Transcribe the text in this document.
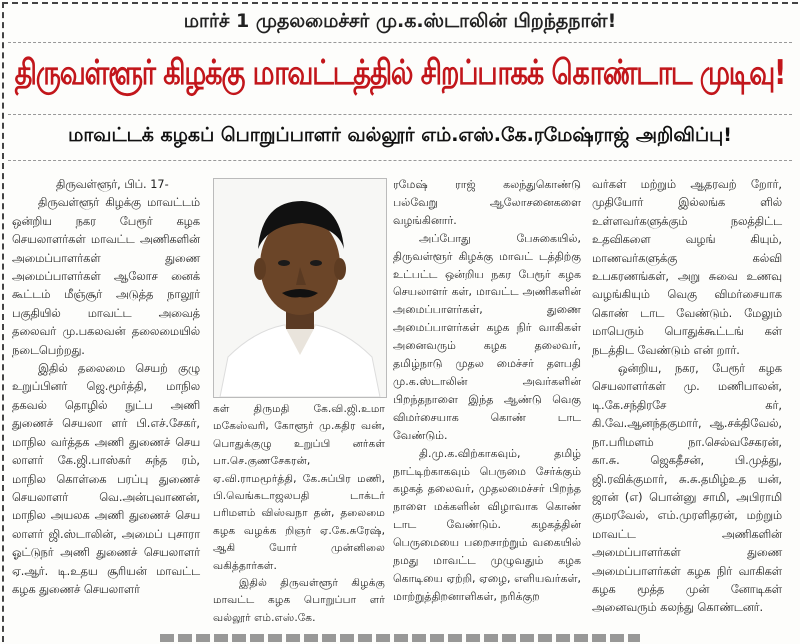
மார்ச் 1 முதலமைச்சர் மு.க.ஸ்டாலின் பிறந்தநாள்!
திருவள்ளூர் கிழக்கு மாவட்டத்தில் சிறப்பாகக் கொண்டாட முடிவு!
மாவட்டக் கழகப் பொறுப்பாளர் வல்லூர் எம்.எஸ்.கே.ரமேஷ்ராஜ் அறிவிப்பு!

திருவள்ளூர், பிப். 17-

திருவள்ளூர் கிழக்கு மாவட்டம் ஒன்றிய நகர பேரூர் கழக செயலாளர்கள் மாவட்ட அணிகளின் அமைப்பாளர்கள் துணை அமைப்பாளர்கள் ஆலோச னைக் கூட்டம் மீஞ்சூர் அடுத்த நாலூர் பகுதியில் மாவட்ட அவைத் தலைவர் மு.பகலவன் தலைமையில் நடைபெற்றது.

இதில் தலைமை செயற் குழு உறுப்பினர் ஜெ.மூர்த்தி, மாநில தகவல் தொழில் நுட்ப அணி துணைச் செயலா ளர் பி.எச்.சேகர், மாநில வர்த்தக அணி துணைச் செய லாளர் கே.ஜி.பாஸ்கர் சுந்த ரம், மாநில கொள்கை பரப்பு துணைச் செயலாளர் வெ.அன்புவாணன், மாநில அயலக அணி துணைச் செய லாளர் ஜி.ஸ்டாலின், அமைப் புசாரா ஓட்டுநர் அணி துணைச் செயலாளர் ஏ.ஆர். டி.உதய சூரியன் மாவட்ட கழக துணைச் செயலாளர்

கள் திருமதி கே.வி.ஜி.உமா மகேஸ்வரி, கோளூர் மு.கதிர வன், பொதுக்குழு உறுப்பி னர்கள் பா.செ.குணசேகரன், ஏ.வி.ராமமூர்த்தி, கே.சுப்பிர மணி, பி.வெங்கடாஜலபதி டாக்டர் பரிமளம் விஸ்வநா தன், தலைமை கழக வழக்க றிஞர் ஏ.கே.சுரேஷ், ஆகி யோர் முன்னிலை வகித்தார்கள்.

இதில் திருவள்ளூர் கிழக்கு மாவட்ட கழக பொறுப்பா ளர் வல்லூர் எம்.எஸ்.கே.

ரமேஷ் ராஜ் கலந்துகொண்டு பல்வேறு ஆலோசனைகளை வழங்கினார்.

அப்போது பேசுகையில், திருவள்ளூர் கிழக்கு மாவட் டத்திற்கு உட்பட்ட ஒன்றிய நகர பேரூர் கழக செயலாளர் கள், மாவட்ட அணிகளின் அமைப்பாளர்கள், துணை அமைப்பாளர்கள் கழக நிர் வாகிகள் அனைவரும் கழக தலைவர், தமிழ்நாடு முதல மைச்சர் தளபதி மு.க.ஸ்டாலின் அவர்களின் பிறந்தநாளை இந்த ஆண்டு வெகு விமர்சையாக கொண் டாட வேண்டும்.

தி.மு.க.விற்காகவும், தமிழ் நாட்டிற்காகவும் பெருமை சேர்க்கும் கழகத் தலைவர், முதலமைச்சர் பிறந்த நாளை மக்களின் விழாவாக கொண் டாட வேண்டும். கழகத்தின் பெருமையை பறைசாற்றும் வகையில் நமது மாவட்ட முழுவதும் கழக கொடியை ஏற்றி, ஏழை, எளியவர்கள், மாற்றுத்திறனாளிகள், நரிக்குற

வர்கள் மற்றும் ஆதரவற் றோர், முதியோர் இல்லங்க ளில் உள்ளவர்களுக்கும் நலத்திட்ட உதவிகளை வழங் கியும், மாணவர்களுக்கு கல்வி உபகரணங்கள், அறு சுவை உணவு வழங்கியும் வெகு விமர்சையாக கொண் டாட வேண்டும். மேலும் மாபெரும் பொதுக்கூட்டங் கள் நடத்திட வேண்டும் என் றார்.

ஒன்றிய, நகர, பேரூர் கழக செயலாளர்கள் மு. மணிபாலன், டி.கே.சந்திரசே கர், கி.வே.ஆனந்தகுமார், ஆ.சக்திவேல், நா.பரிமளம் நா.செல்வசேகரன், கா.சு. ஜெகதீசன், பி.முத்து, ஜி.ரவிக்குமார், சு.சு.தமிழ்உத யன், ஜான் (எ) பொன்னு சாமி, அபிராமி குமரவேல், எம்.முரளிதரன், மற்றும் மாவட்ட அணிகளின் அமைப்பாளர்கள் துணை அமைப்பாளர்கள் கழக நிர் வாகிகள் கழக மூத்த முன் னோடிகள் அனைவரும் கலந்து கொண்டனர்.
